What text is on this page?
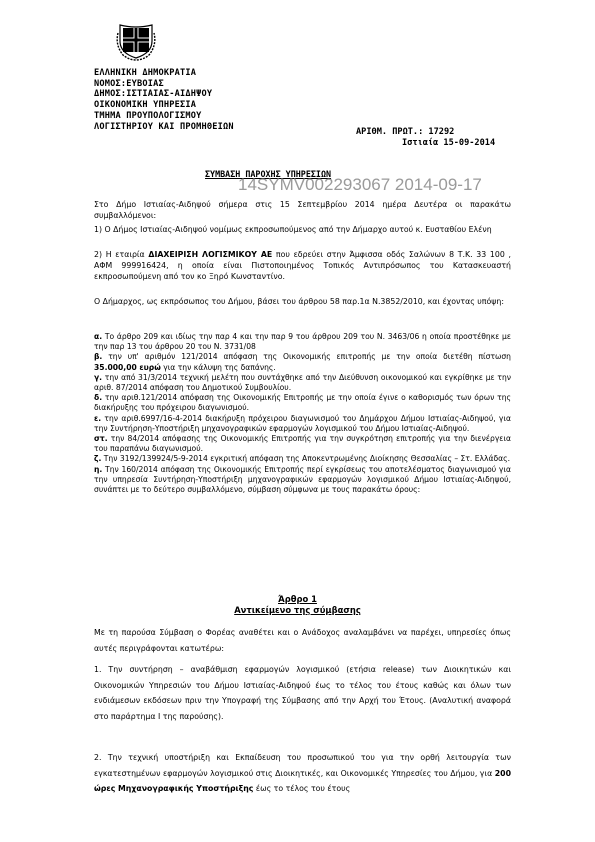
ΕΛΛΗΝΙΚΗ ΔΗΜΟΚΡΑΤΙΑ
ΝΟΜΟΣ:ΕΥΒΟΙΑΣ
ΔΗΜΟΣ:ΙΣΤΙΑΙΑΣ-ΑΙΔΗΨΟΥ
ΟΙΚΟΝΟΜΙΚΗ ΥΠΗΡΕΣΙΑ
ΤΜΗΜΑ ΠΡΟΥΠΟΛΟΓΙΣΜΟΥ
ΛΟΓΙΣΤΗΡΙΟΥ ΚΑΙ ΠΡΟΜΗΘΕΙΩΝ
ΑΡΙΘΜ. ΠΡΩΤ.: 17292
Ιστιαία 15-09-2014
ΣΥΜΒΑΣΗ ΠΑΡΟΧΗΣ ΥΠΗΡΕΣΙΩΝ
14SYMV002293067 2014-09-17
Στο Δήμο Ιστιαίας-Αιδηψού σήμερα στις 15 Σεπτεμβρίου 2014 ημέρα Δευτέρα οι παρακάτω συμβαλλόμενοι:
1) Ο Δήμος Ιστιαίας-Αιδηψού νομίμως εκπροσωπούμενος από την Δήμαρχο αυτού κ. Ευσταθίου Ελένη
2) Η εταιρία ΔΙΑΧΕΙΡΙΣΗ ΛΟΓΙΣΜΙΚΟΥ ΑΕ που εδρεύει στην Άμφισσα οδός Σαλώνων 8 Τ.Κ. 33 100 , ΑΦΜ 999916424, η οποία είναι Πιστοποιημένος Τοπικός Αντιπρόσωπος του Κατασκευαστή εκπροσωπούμενη από τον κο Ξηρό Κωνσταντίνο.
Ο Δήμαρχος, ως εκπρόσωπος του Δήμου, βάσει του άρθρου 58 παρ.1α Ν.3852/2010, και έχοντας υπόψη:
α. Το άρθρο 209 και ιδίως την παρ 4 και την παρ 9 του άρθρου 209 του Ν. 3463/06 η οποία προστέθηκε με την παρ 13 του άρθρου 20 του Ν. 3731/08
β. την υπ' αριθμόν 121/2014 απόφαση της Οικονομικής επιτροπής με την οποία διετέθη πίστωση 35.000,00 ευρώ για την κάλυψη της δαπάνης.
γ. την από 31/3/2014 τεχνική μελέτη που συντάχθηκε από την Διεύθυνση οικονομικού και εγκρίθηκε με την αριθ. 87/2014 απόφαση του Δημοτικού Συμβουλίου.
δ. την αριθ.121/2014 απόφαση της Οικονομικής Επιτροπής με την οποία έγινε ο καθορισμός των όρων της διακήρυξης του πρόχειρου διαγωνισμού.
ε. την αριθ.6997/16-4-2014 διακήρυξη πρόχειρου διαγωνισμού του Δημάρχου Δήμου Ιστιαίας-Αιδηψού, για την Συντήρηση-Υποστήριξη μηχανογραφικών εφαρμογών λογισμικού του Δήμου Ιστιαίας-Αιδηψού.
στ. την 84/2014 απόφασης της Οικονομικής Επιτροπής για την συγκρότηση επιτροπής για την διενέργεια του παραπάνω διαγωνισμού.
ζ. Την 3192/139924/5-9-2014 εγκριτική απόφαση της Αποκεντρωμένης Διοίκησης Θεσσαλίας – Στ. Ελλάδας.
η. Την 160/2014 απόφαση της Οικονομικής Επιτροπής περί εγκρίσεως του αποτελέσματος διαγωνισμού για την υπηρεσία Συντήρηση-Υποστήριξη μηχανογραφικών εφαρμογών λογισμικού Δήμου Ιστιαίας-Αιδηψού, συνάπτει με το δεύτερο συμβαλλόμενο, σύμβαση σύμφωνα με τους παρακάτω όρους:
Άρθρο 1
Αντικείμενο της σύμβασης
Με τη παρούσα Σύμβαση ο Φορέας αναθέτει και ο Ανάδοχος αναλαμβάνει να παρέχει, υπηρεσίες όπως αυτές περιγράφονται κατωτέρω:
1. Την συντήρηση – αναβάθμιση εφαρμογών λογισμικού (ετήσια release) των Διοικητικών και Οικονομικών Υπηρεσιών του Δήμου Ιστιαίας-Αιδηψού έως το τέλος του έτους καθώς και όλων των ενδιάμεσων εκδόσεων πριν την Υπογραφή της Σύμβασης από την Αρχή του Έτους. (Αναλυτική αναφορά στο παράρτημα Ι της παρούσης).
2. Την τεχνική υποστήριξη και Εκπαίδευση του προσωπικού του για την ορθή λειτουργία των εγκατεστημένων εφαρμογών λογισμικού στις Διοικητικές, και Οικονομικές Υπηρεσίες του Δήμου, για 200 ώρες Μηχανογραφικής Υποστήριξης έως το τέλος του έτους
